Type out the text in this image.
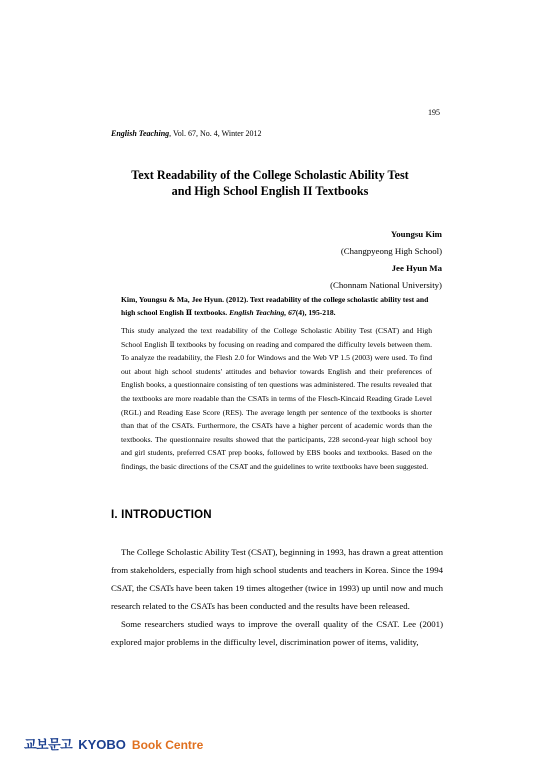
195
English Teaching, Vol. 67, No. 4, Winter 2012
Text Readability of the College Scholastic Ability Test
and High School English II Textbooks
Youngsu Kim
(Changpyeong High School)
Jee Hyun Ma
(Chonnam National University)
Kim, Youngsu & Ma, Jee Hyun. (2012). Text readability of the college scholastic ability test and high school English Ⅱ textbooks. English Teaching, 67(4), 195-218.

This study analyzed the text readability of the College Scholastic Ability Test (CSAT) and High School English Ⅱ textbooks by focusing on reading and compared the difficulty levels between them. To analyze the readability, the Flesh 2.0 for Windows and the Web VP 1.5 (2003) were used. To find out about high school students' attitudes and behavior towards English and their preferences of English books, a questionnaire consisting of ten questions was administered. The results revealed that the textbooks are more readable than the CSATs in terms of the Flesch-Kincaid Reading Grade Level (RGL) and Reading Ease Score (RES). The average length per sentence of the textbooks is shorter than that of the CSATs. Furthermore, the CSATs have a higher percent of academic words than the textbooks. The questionnaire results showed that the participants, 228 second-year high school boy and girl students, preferred CSAT prep books, followed by EBS books and textbooks. Based on the findings, the basic directions of the CSAT and the guidelines to write textbooks have been suggested.

I. INTRODUCTION

The College Scholastic Ability Test (CSAT), beginning in 1993, has drawn a great attention from stakeholders, especially from high school students and teachers in Korea. Since the 1994 CSAT, the CSATs have been taken 19 times altogether (twice in 1993) up until now and much research related to the CSATs has been conducted and the results have been released.

Some researchers studied ways to improve the overall quality of the CSAT. Lee (2001) explored major problems in the difficulty level, discrimination power of items, validity,

교보문고 KYOBO Book Centre
